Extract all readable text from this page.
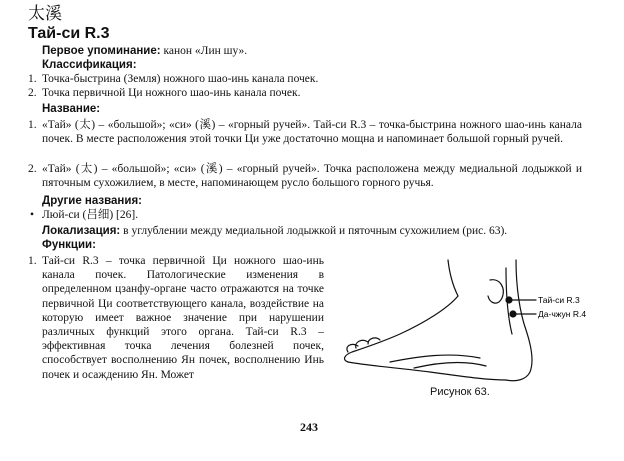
太溪
Тай-си R.3
Первое упоминание: канон «Лин шу».
Классификация:
1. Точка-быстрина (Земля) ножного шао-инь канала почек.
2. Точка первичной Ци ножного шао-инь канала почек.
Название:
1. «Тай» (太) – «большой»; «си» (溪) – «горный ручей». Тай-си R.3 – точка-быстрина ножного шао-инь канала почек. В месте расположения этой точки Ци уже достаточно мощна и напоминает большой горный ручей.
2. «Тай» (太) – «большой»; «си» (溪) – «горный ручей». Точка расположена между медиальной лодыжкой и пяточным сухожилием, в месте, напоминающем русло большого горного ручья.
Другие названия:
• Люй-си (吕细) [26].
Локализация: в углублении между медиальной лодыжкой и пяточным сухожилием (рис. 63).
Функции:
1. Тай-си R.3 – точка первичной Ци ножного шао-инь канала почек. Патологические изменения в определенном цзанфу-органе часто отражаются на точке первичной Ци соответствующего канала, воздействие на которую имеет важное значение при нарушении различных функций этого органа. Тай-си R.3 – эффективная точка лечения болезней почек, способствует восполнению Ян почек, восполнению Инь почек и осаждению Ян. Может
Тай-си R.3
Да-чжун R.4
Рисунок 63.
243
